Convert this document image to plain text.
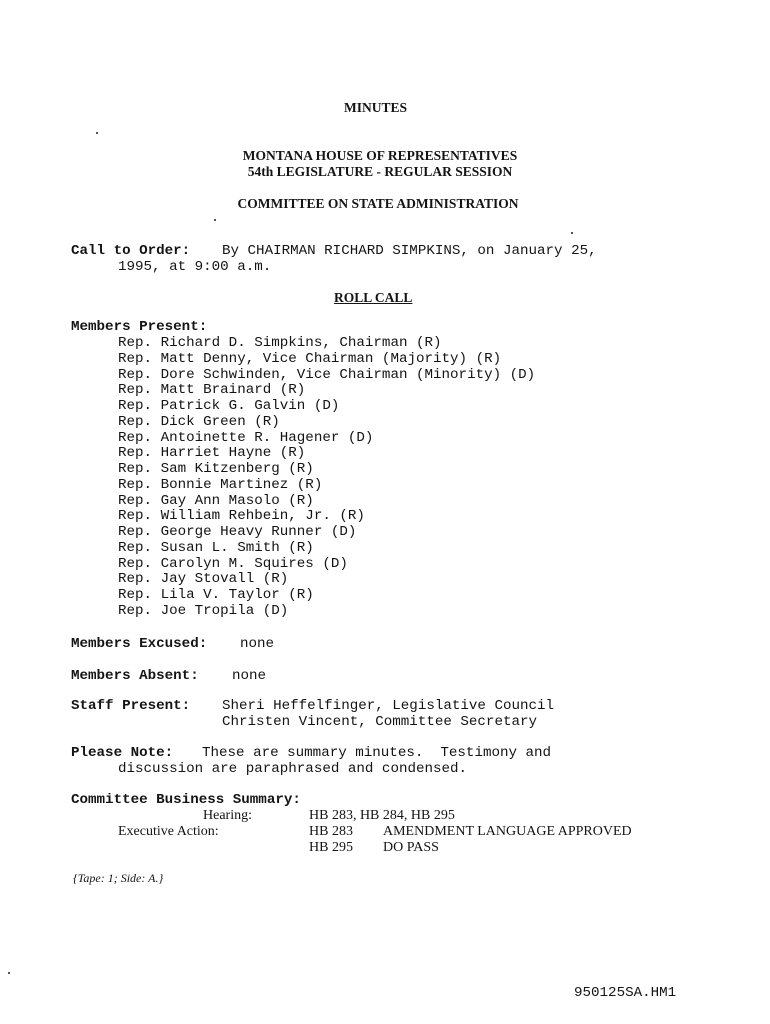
MINUTES
MONTANA HOUSE OF REPRESENTATIVES
54th LEGISLATURE - REGULAR SESSION
COMMITTEE ON STATE ADMINISTRATION
Call to Order: By CHAIRMAN RICHARD SIMPKINS, on January 25,
1995, at 9:00 a.m.
ROLL CALL
Members Present:
Rep. Richard D. Simpkins, Chairman (R)
Rep. Matt Denny, Vice Chairman (Majority) (R)
Rep. Dore Schwinden, Vice Chairman (Minority) (D)
Rep. Matt Brainard (R)
Rep. Patrick G. Galvin (D)
Rep. Dick Green (R)
Rep. Antoinette R. Hagener (D)
Rep. Harriet Hayne (R)
Rep. Sam Kitzenberg (R)
Rep. Bonnie Martinez (R)
Rep. Gay Ann Masolo (R)
Rep. William Rehbein, Jr. (R)
Rep. George Heavy Runner (D)
Rep. Susan L. Smith (R)
Rep. Carolyn M. Squires (D)
Rep. Jay Stovall (R)
Rep. Lila V. Taylor (R)
Rep. Joe Tropila (D)
Members Excused: none
Members Absent: none
Staff Present: Sheri Heffelfinger, Legislative Council
Christen Vincent, Committee Secretary
Please Note: These are summary minutes.  Testimony and
discussion are paraphrased and condensed.
Committee Business Summary:
Hearing:	HB 283, HB 284, HB 295
Executive Action:	HB 283 AMENDMENT LANGUAGE APPROVED
HB 295 DO PASS
{Tape: 1; Side: A.}
950125SA.HM1
